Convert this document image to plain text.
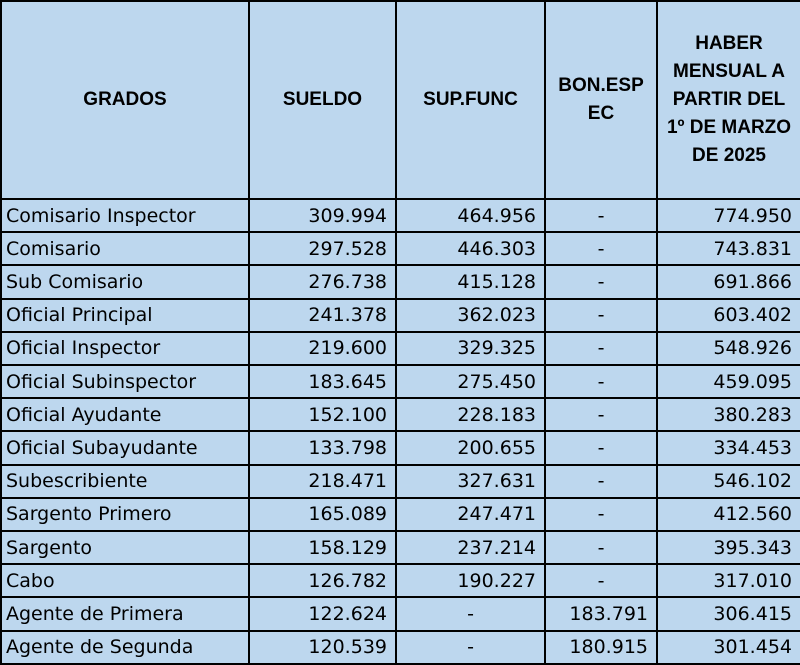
GRADOS	SUELDO	SUP.FUNC	BON.ESP EC	HABER MENSUAL A PARTIR DEL 1º DE MARZO DE 2025
Comisario Inspector	309.994	464.956	-	774.950
Comisario	297.528	446.303	-	743.831
Sub Comisario	276.738	415.128	-	691.866
Oficial Principal	241.378	362.023	-	603.402
Oficial Inspector	219.600	329.325	-	548.926
Oficial Subinspector	183.645	275.450	-	459.095
Oficial Ayudante	152.100	228.183	-	380.283
Oficial Subayudante	133.798	200.655	-	334.453
Subescribiente	218.471	327.631	-	546.102
Sargento Primero	165.089	247.471	-	412.560
Sargento	158.129	237.214	-	395.343
Cabo	126.782	190.227	-	317.010
Agente de Primera	122.624	-	183.791	306.415
Agente de Segunda	120.539	-	180.915	301.454
